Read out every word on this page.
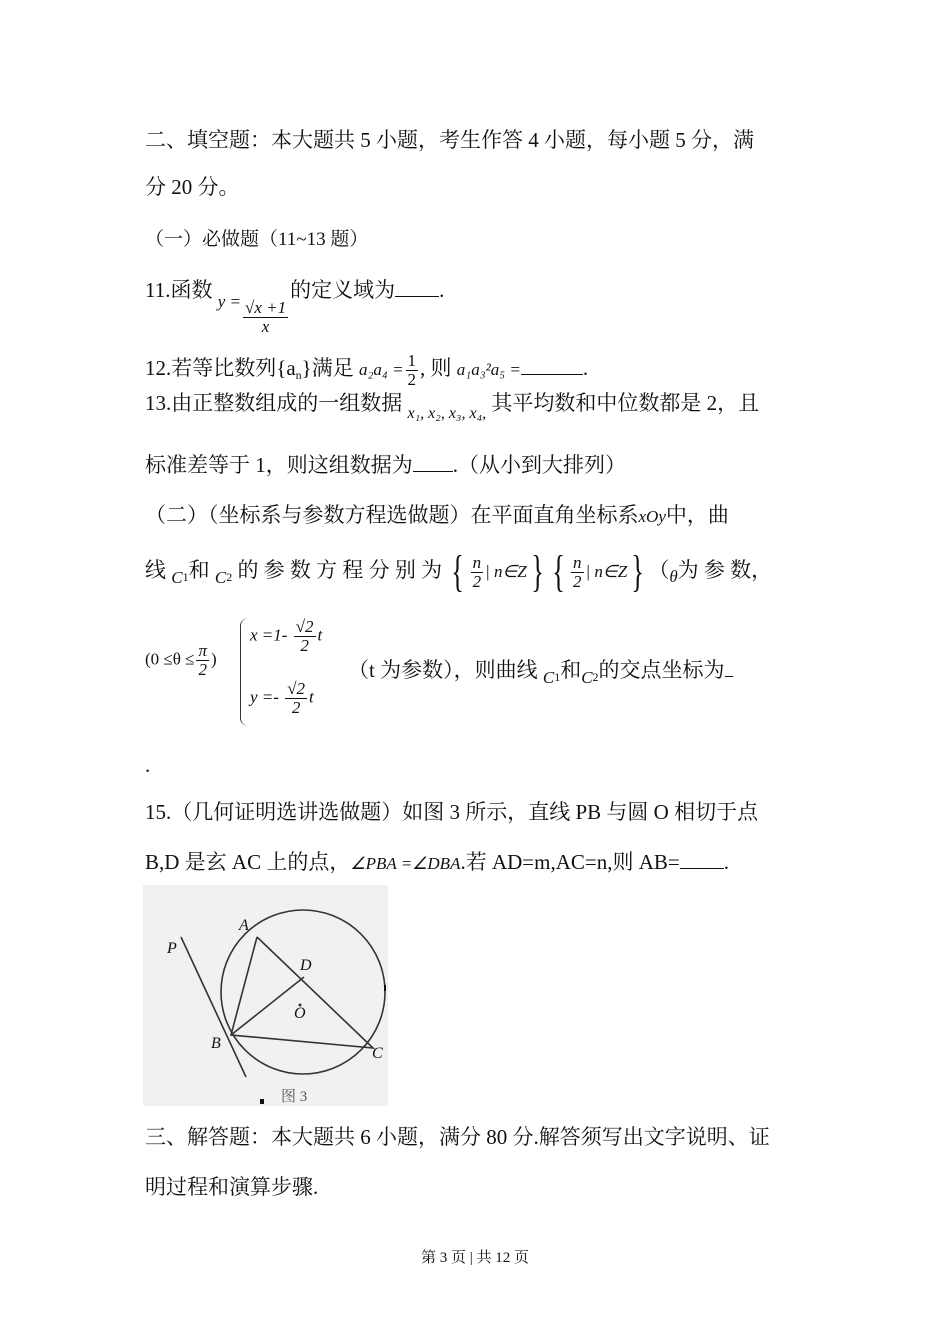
二、填空题：本大题共 5 小题，考生作答 4 小题，每小题 5 分，满
分 20 分。
（一）必做题（11~13 题）
11.函数 $_{y =} \frac{√x +1}{x}$
的定义域为 .
12.若等比数列$\{a_n\}$满足 $a_2a_4 = \frac{1}{2}$ , 则 a₁a₃²a₅ =	.
13.由正整数组成的一组数据 $_{x_1, x_2, x_3, x_4,}$ 其平均数和中位数都是 2，且
标准差等于 1，则这组数据为 .（从小到大排列）
（二）（坐标系与参数方程选做题）在平面直角坐标系xOy中，曲
线 $_{C1}$和 $_{C2}$ 的 参 数 方 程 分 别 为 { $\frac{n}{2}$ | n∈Z} { $\frac{n}{2}$ | n∈Z} （$_\theta$为 参 数，
($0 \le\theta \le \frac{\pi}{2}$ )
$x =1- \frac{√2}{2}$ t
$y =- \frac{√2}{2}$ t
（t 为参数），则曲线 $_{C1}$和$_{C2}$的交点坐标为
.
15.（几何证明选讲选做题）如图 3 所示，直线 PB 与圆 O 相切于点
B,D 是玄 AC 上的点，∠PBA =∠DBA.若 AD=m,AC=n,则 AB= .
A
P
D
O
B
C
图 3
三、解答题：本大题共 6 小题，满分 80 分.解答须写出文字说明、证
明过程和演算步骤.
第 3 页 | 共 12 页
